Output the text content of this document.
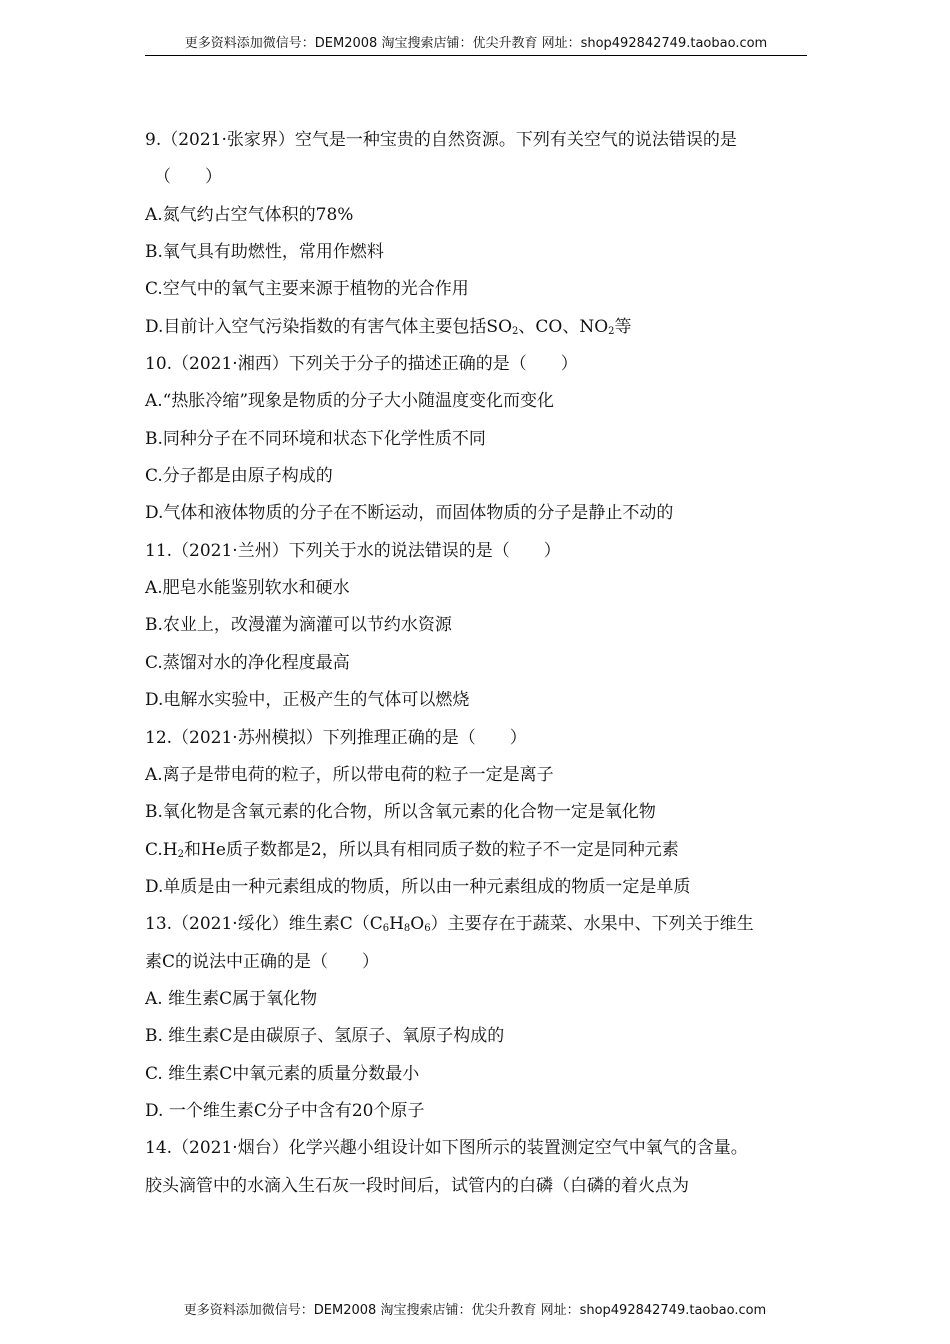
更多资料添加微信号：DEM2008 淘宝搜索店铺：优尖升教育 网址：shop492842749.taobao.com
9.（2021·张家界）空气是一种宝贵的自然资源。下列有关空气的说法错误的是
（　　）
A.氮气约占空气体积的78%
B.氧气具有助燃性，常用作燃料
C.空气中的氧气主要来源于植物的光合作用
D.目前计入空气污染指数的有害气体主要包括$SO_2$、CO、$NO_2$等
10.（2021·湘西）下列关于分子的描述正确的是（　　）
A.“热胀冷缩”现象是物质的分子大小随温度变化而变化
B.同种分子在不同环境和状态下化学性质不同
C.分子都是由原子构成的
D.气体和液体物质的分子在不断运动，而固体物质的分子是静止不动的
11.（2021·兰州）下列关于水的说法错误的是（　　）
A.肥皂水能鉴别软水和硬水
B.农业上，改漫灌为滴灌可以节约水资源
C.蒸馏对水的净化程度最高
D.电解水实验中，正极产生的气体可以燃烧
12.（2021·苏州模拟）下列推理正确的是（　　）
A.离子是带电荷的粒子，所以带电荷的粒子一定是离子
B.氧化物是含氧元素的化合物，所以含氧元素的化合物一定是氧化物
$C.H_2$和He质子数都是2，所以具有相同质子数的粒子不一定是同种元素
D.单质是由一种元素组成的物质，所以由一种元素组成的物质一定是单质
13.（2021·绥化）维生素$C(C_6H_8O_6)$主要存在于蔬菜、水果中、下列关于维生
素C的说法中正确的是（　　）
A. 维生素C属于氧化物
B. 维生素C是由碳原子、氢原子、氧原子构成的
C. 维生素C中氧元素的质量分数最小
D. 一个维生素C分子中含有20个原子
14.（2021·烟台）化学兴趣小组设计如下图所示的装置测定空气中氧气的含量。
胶头滴管中的水滴入生石灰一段时间后，试管内的白磷（白磷的着火点为
更多资料添加微信号：DEM2008 淘宝搜索店铺：优尖升教育 网址：shop492842749.taobao.com
